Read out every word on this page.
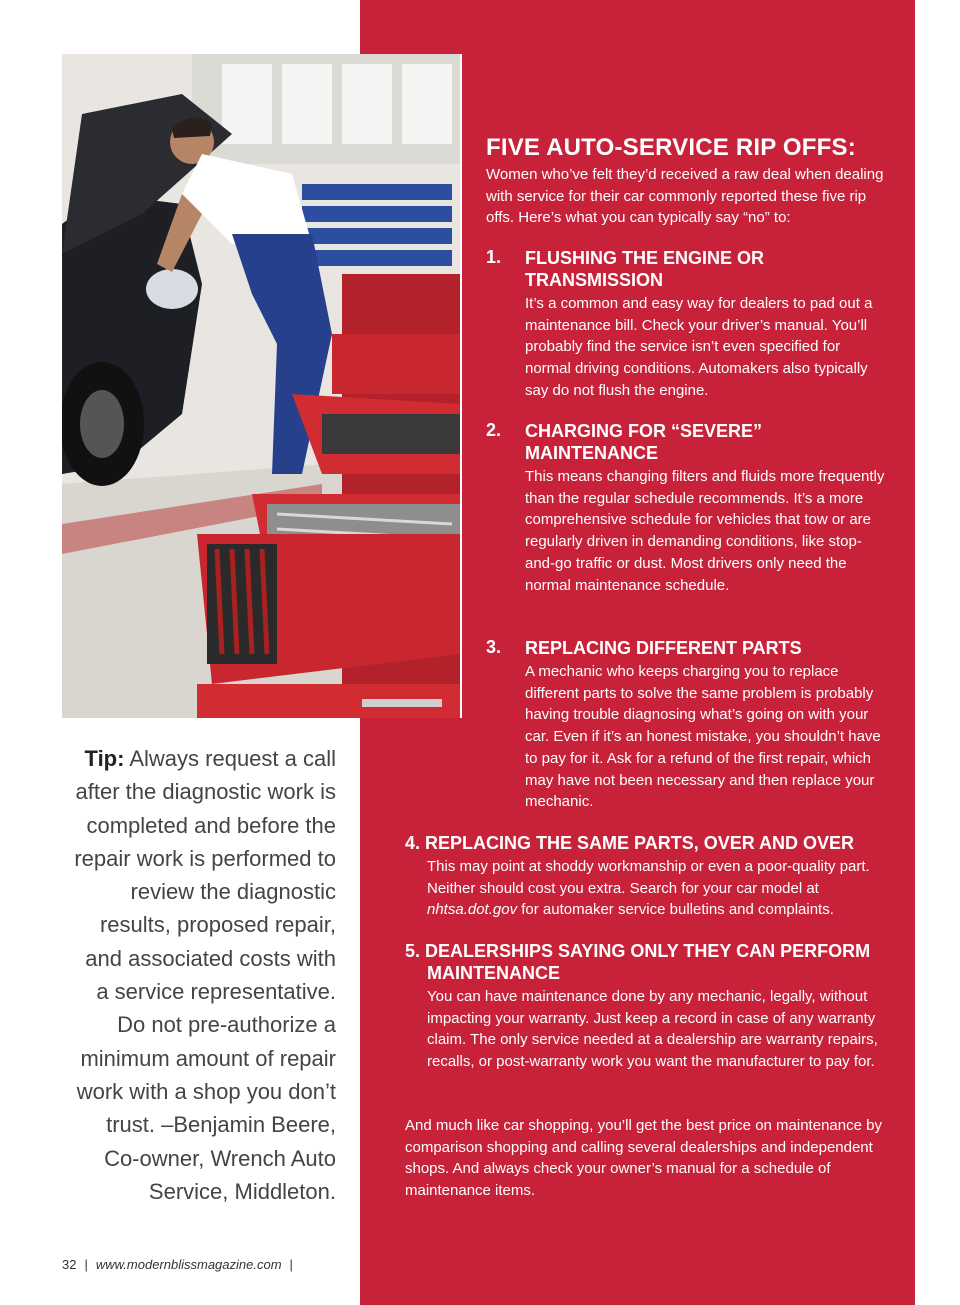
FIVE AUTO-SERVICE RIP OFFS:

Women who’ve felt they’d received a raw deal when dealing with service for their car commonly reported these five rip offs. Here’s what you can typically say “no” to:

1. FLUSHING THE ENGINE OR TRANSMISSION

It’s a common and easy way for dealers to pad out a maintenance bill. Check your driver’s manual. You’ll probably find the service isn’t even specified for normal driving conditions. Automakers also typically say do not flush the engine.

2. CHARGING FOR “SEVERE” MAINTENANCE

This means changing filters and fluids more frequently than the regular schedule recommends. It’s a more comprehensive schedule for vehicles that tow or are regularly driven in demanding conditions, like stop-and-go traffic or dust. Most drivers only need the normal maintenance schedule.

3. REPLACING DIFFERENT PARTS

A mechanic who keeps charging you to replace different parts to solve the same problem is probably having trouble diagnosing what’s going on with your car. Even if it’s an honest mistake, you shouldn’t have to pay for it. Ask for a refund of the first repair, which may have not been necessary and then replace your mechanic.

4. REPLACING THE SAME PARTS, OVER AND OVER

This may point at shoddy workmanship or even a poor-quality part. Neither should cost you extra. Search for your car model at nhtsa.dot.gov for automaker service bulletins and complaints.

5. DEALERSHIPS SAYING ONLY THEY CAN PERFORM MAINTENANCE

You can have maintenance done by any mechanic, legally, without impacting your warranty. Just keep a record in case of any warranty claim. The only service needed at a dealership are warranty repairs, recalls, or post-warranty work you want the manufacturer to pay for.

And much like car shopping, you’ll get the best price on maintenance by comparison shopping and calling several dealerships and independent shops. And always check your owner’s manual for a schedule of maintenance items.

Tip: Always request a call after the diagnostic work is completed and before the repair work is performed to review the diagnostic results, proposed repair, and associated costs with a service representative. Do not pre-authorize a minimum amount of repair work with a shop you don’t trust. –Benjamin Beere, Co-owner, Wrench Auto Service, Middleton.

32 | www.modernblissmagazine.com |
